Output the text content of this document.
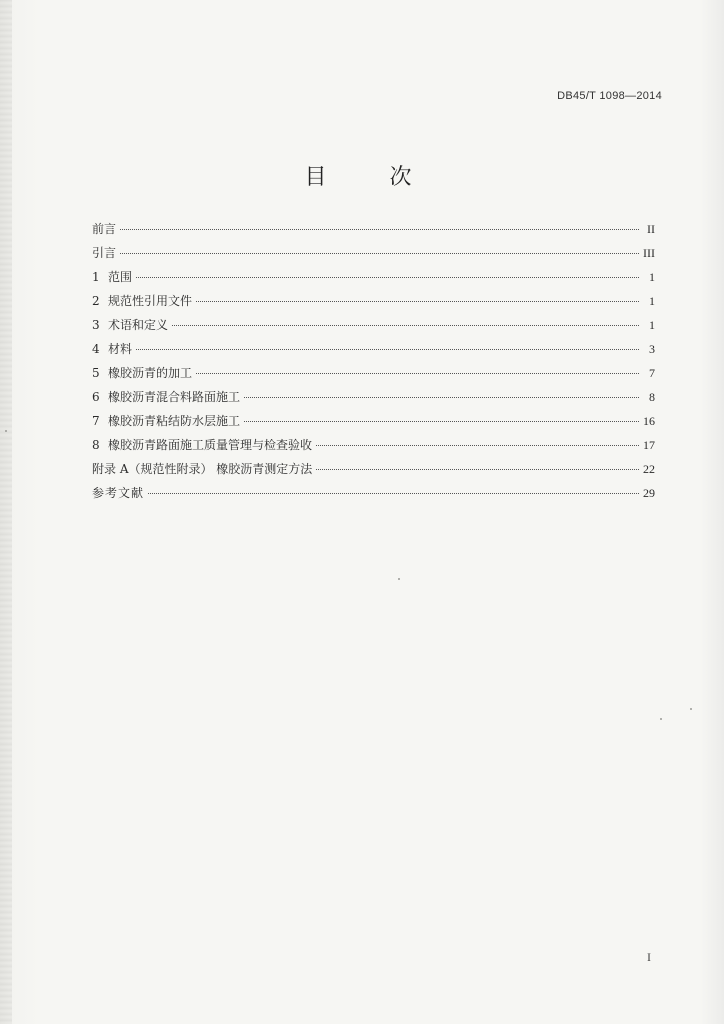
DB45/T 1098—2014
目 次
前言	II
引言	III
1 范围	1
2 规范性引用文件	1
3 术语和定义	1
4 材料	3
5 橡胶沥青的加工	7
6 橡胶沥青混合料路面施工	8
7 橡胶沥青粘结防水层施工	16
8 橡胶沥青路面施工质量管理与检查验收	17
附录 A（规范性附录） 橡胶沥青测定方法	22
参考文献	29
I
